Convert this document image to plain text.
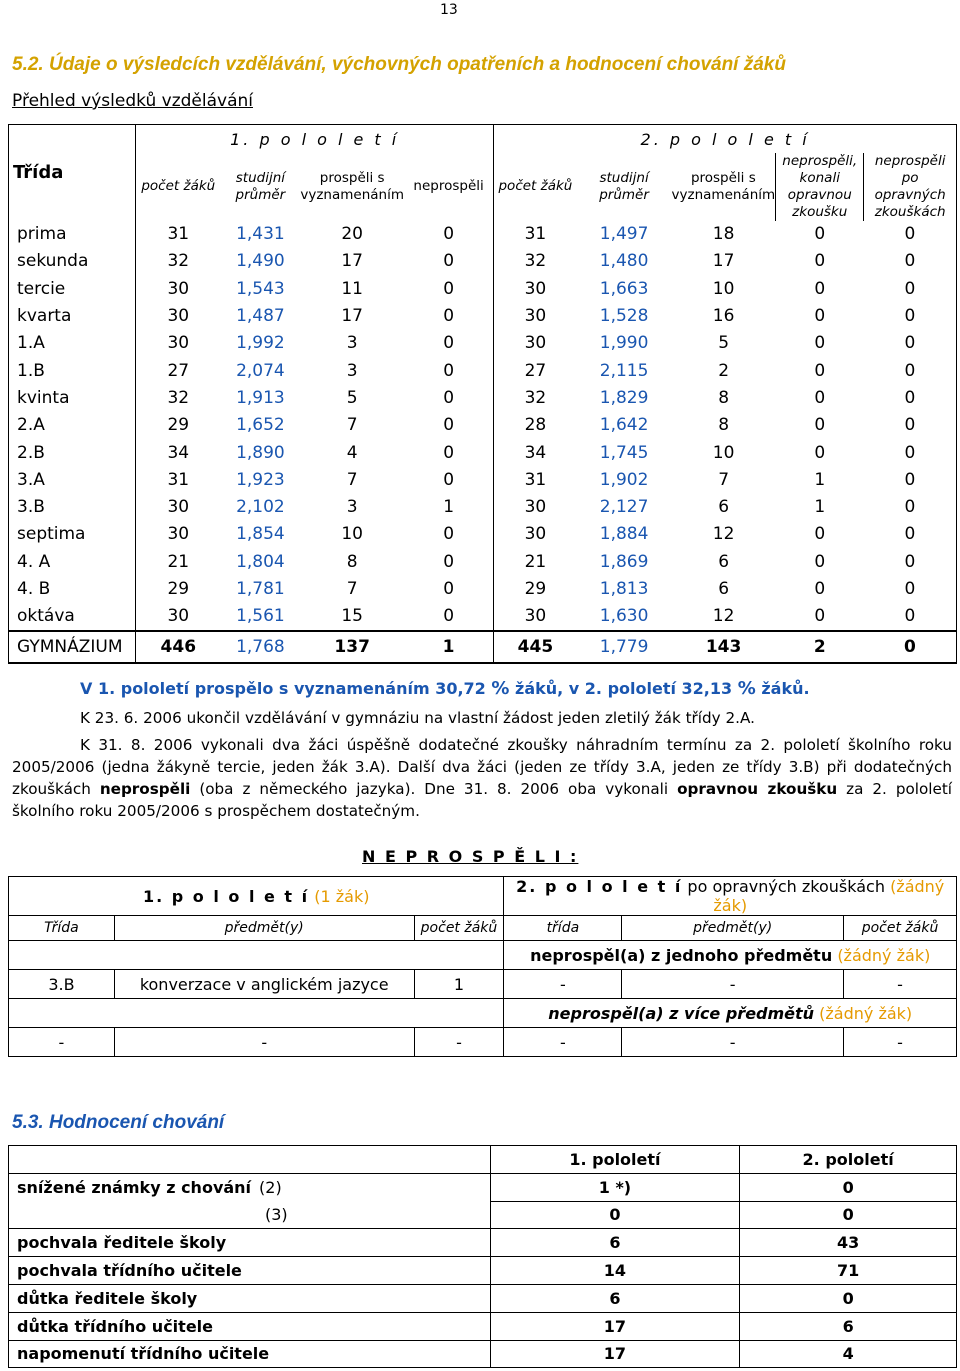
13
5.2. Údaje o výsledcích vzdělávání, výchovných opatřeních a hodnocení chování žáků
Přehled výsledků vzdělávání
Třída	1. p o l o l e t í				2. p o l o l e t í				
	počet žáků	studijní průměr	prospěli s vyznamenáním	neprospěli	počet žáků	studijní průměr	prospěli s vyznamenáním	neprospěli, konali opravnou zkoušku	neprospěli po opravných zkouškách
prima	31	1,431	20	0	31	1,497	18	0	0
sekunda	32	1,490	17	0	32	1,480	17	0	0
tercie	30	1,543	11	0	30	1,663	10	0	0
kvarta	30	1,487	17	0	30	1,528	16	0	0
1.A	30	1,992	3	0	30	1,990	5	0	0
1.B	27	2,074	3	0	27	2,115	2	0	0
kvinta	32	1,913	5	0	32	1,829	8	0	0
2.A	29	1,652	7	0	28	1,642	8	0	0
2.B	34	1,890	4	0	34	1,745	10	0	0
3.A	31	1,923	7	0	31	1,902	7	1	0
3.B	30	2,102	3	1	30	2,127	6	1	0
septima	30	1,854	10	0	30	1,884	12	0	0
4. A	21	1,804	8	0	21	1,869	6	0	0
4. B	29	1,781	7	0	29	1,813	6	0	0
oktáva	30	1,561	15	0	30	1,630	12	0	0
GYMNÁZIUM	446	1,768	137	1	445	1,779	143	2	0
V 1. pololetí prospělo s vyznamenáním 30,72 % žáků, v 2. pololetí 32,13 % žáků.
K 23. 6. 2006 ukončil vzdělávání v gymnáziu na vlastní žádost jeden zletilý žák třídy 2.A.
K 31. 8. 2006 vykonali dva žáci úspěšně dodatečné zkoušky náhradním termínu za 2. pololetí školního roku 2005/2006 (jedna žákyně tercie, jeden žák 3.A). Další dva žáci (jeden ze třídy 3.A, jeden ze třídy 3.B) při dodatečných zkouškách neprospěli (oba z německého jazyka). Dne 31. 8. 2006 oba vykonali opravnou zkoušku za 2. pololetí školního roku 2005/2006 s prospěchem dostatečným.
N E P R O S P Ě L I :
1. p o l o l e t í (1 žák)			2. p o l o l e t í po opravných zkouškách (žádný žák)		
Třída	předmět(y)	počet žáků	třída	předmět(y)	počet žáků
			neprospěl(a) z jednoho předmětu (žádný žák)		
3.B	konverzace v anglickém jazyce	1	-	-	-
			neprospěl(a) z více předmětů (žádný žák)		
-	-	-	-	-	-
5.3. Hodnocení chování
	1. pololetí	2. pololetí
snížené známky z chování (2)	1 *)	0
(3)	0	0
pochvala ředitele školy	6	43
pochvala třídního učitele	14	71
důtka ředitele školy	6	0
důtka třídního učitele	17	6
napomenutí třídního učitele	17	4
